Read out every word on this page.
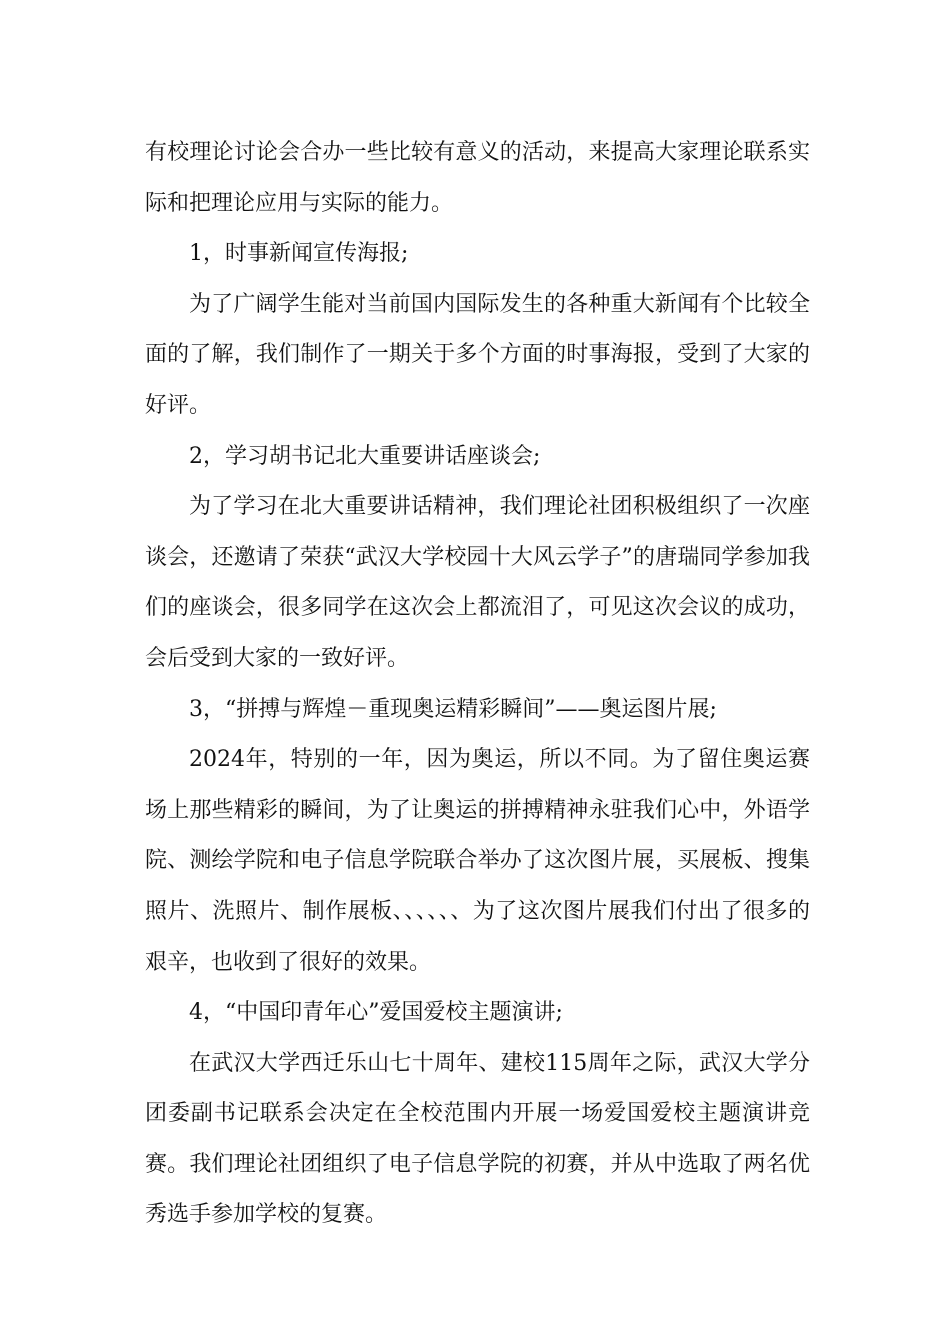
有校理论讨论会合办一些比较有意义的活动，来提高大家理论联系实际和把理论应用与实际的能力。

1，时事新闻宣传海报;

为了广阔学生能对当前国内国际发生的各种重大新闻有个比较全面的了解，我们制作了一期关于多个方面的时事海报，受到了大家的好评。

2，学习胡书记北大重要讲话座谈会;

为了学习在北大重要讲话精神，我们理论社团积极组织了一次座谈会，还邀请了荣获“武汉大学校园十大风云学子”的唐瑞同学参加我们的座谈会，很多同学在这次会上都流泪了，可见这次会议的成功，会后受到大家的一致好评。

3，“拼搏与辉煌－重现奥运精彩瞬间”——奥运图片展;

2024年，特别的一年，因为奥运，所以不同。为了留住奥运赛场上那些精彩的瞬间，为了让奥运的拼搏精神永驻我们心中，外语学院、测绘学院和电子信息学院联合举办了这次图片展，买展板、搜集照片、洗照片、制作展板、、、、、、为了这次图片展我们付出了很多的艰辛，也收到了很好的效果。

4，“中国印青年心”爱国爱校主题演讲;

在武汉大学西迁乐山七十周年、建校115周年之际，武汉大学分团委副书记联系会决定在全校范围内开展一场爱国爱校主题演讲竞赛。我们理论社团组织了电子信息学院的初赛，并从中选取了两名优秀选手参加学校的复赛。
